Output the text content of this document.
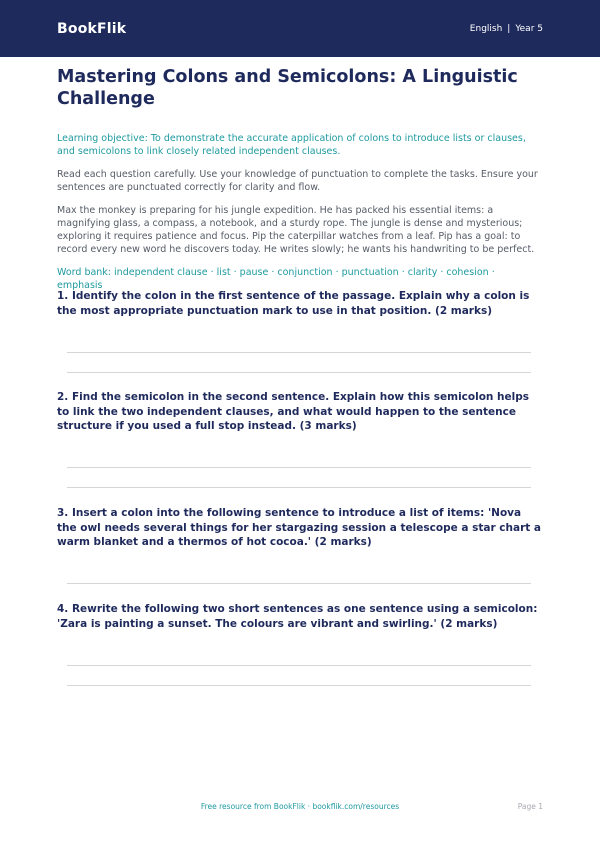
BookFlik	English | Year 5
Mastering Colons and Semicolons: A Linguistic Challenge
Learning objective: To demonstrate the accurate application of colons to introduce lists or clauses, and semicolons to link closely related independent clauses.
Read each question carefully. Use your knowledge of punctuation to complete the tasks. Ensure your sentences are punctuated correctly for clarity and flow.
Max the monkey is preparing for his jungle expedition. He has packed his essential items: a magnifying glass, a compass, a notebook, and a sturdy rope. The jungle is dense and mysterious; exploring it requires patience and focus. Pip the caterpillar watches from a leaf. Pip has a goal: to record every new word he discovers today. He writes slowly; he wants his handwriting to be perfect.
Word bank: independent clause · list · pause · conjunction · punctuation · clarity · cohesion · emphasis
1. Identify the colon in the first sentence of the passage. Explain why a colon is the most appropriate punctuation mark to use in that position. (2 marks)
2. Find the semicolon in the second sentence. Explain how this semicolon helps to link the two independent clauses, and what would happen to the sentence structure if you used a full stop instead. (3 marks)
3. Insert a colon into the following sentence to introduce a list of items: 'Nova the owl needs several things for her stargazing session a telescope a star chart a warm blanket and a thermos of hot cocoa.' (2 marks)
4. Rewrite the following two short sentences as one sentence using a semicolon: 'Zara is painting a sunset. The colours are vibrant and swirling.' (2 marks)
Free resource from BookFlik · bookflik.com/resources	Page 1
